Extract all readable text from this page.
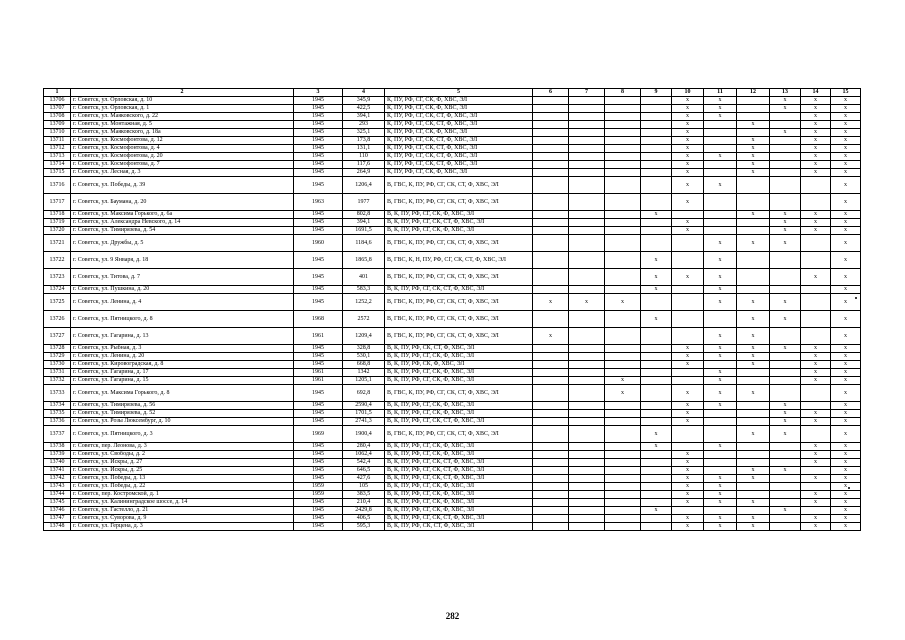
1	2	3	4	5	6	7	8	9	10	11	12	13	14	15
13706	г. Советск, ул. Орловская, д. 10	1945	345,9	К, ПУ, РФ, СГ, СК, Ф, ХВС, ЭЛ					x	x		x	x	x
13707	г. Советск, ул. Орловская, д. 1	1945	422,5	К, ПУ, РФ, СГ, СК, Ф, ХВС, ЭЛ					x	x		x	x	x
13708	г. Советск, ул. Маяковского, д. 22	1945	394,1	К, ПУ, РФ, СГ, СК, СТ, Ф, ХВС, ЭЛ					x	x			x	x
13709	г. Советск, ул. Монтажная, д. 5	1945	293	К, ПУ, РФ, СГ, СК, СТ, Ф, ХВС, ЭЛ					x		x		x	x
13710	г. Советск, ул. Маяковского, д. 18а	1945	325,1	К, ПУ, РФ, СГ, СК, Ф, ХВС, ЭЛ					x			x	x	x
13711	г. Советск, ул. Космофонтова, д. 12	1945	173,8	К, ПУ, РФ, СГ, СК, СТ, Ф, ХВС, ЭЛ					x		x		x	x
13712	г. Советск, ул. Космофонтова, д. 4	1945	131,1	К, ПУ, РФ, СГ, СК, СТ, Ф, ХВС, ЭЛ					x		x		x	x
13713	г. Советск, ул. Космофонтова, д. 20	1945	110	К, ПУ, РФ, СГ, СК, СТ, Ф, ХВС, ЭЛ					x	x	x		x	x
13714	г. Советск, ул. Космофонтова, д. 7	1945	117,6	К, ПУ, РФ, СГ, СК, СТ, Ф, ХВС, ЭЛ					x		x		x	x
13715	г. Советск, ул. Лесная, д. 3	1945	264,9	К, ПУ, РФ, СГ, СК, Ф, ХВС, ЭЛ					x		x		x	x
13716	г. Советск, ул. Победы, д. 39	1945	1206,4	В, ГВС, К, ПУ, РФ, СГ, СК, СТ, Ф, ХВС, ЭЛ					x	x				x
13717	г. Советск, ул. Баумана, д. 20	1963	1977	В, ГВС, К, ПУ, РФ, СГ, СК, СТ, Ф, ХВС, ЭЛ					x					x
13718	г. Советск, ул. Максима Горького, д. 6а	1945	802,8	В, К, ПУ, РФ, СГ, СК, Ф, ХВС, ЭЛ				x			x	x	x	x
13719	г. Советск, ул. Александра Невского, д. 14	1945	394,1	В, К, ПУ, РФ, СГ, СК, СТ, Ф, ХВС, ЭЛ					x			x	x	x
13720	г. Советск, ул. Тимирязева, д. 54	1945	1691,5	В, К, ПУ, РФ, СГ, СК, Ф, ХВС, ЭЛ					x			x	x	x
13721	г. Советск, ул. Дружбы, д. 5	1960	1184,6	В, ГВС, К, ПУ, РФ, СГ, СК, СТ, Ф, ХВС, ЭЛ						x	x	x		x
13722	г. Советск, ул. 9 Января, д. 18	1945	1865,8	В, ГВС, К, Н, ПУ, РФ, СГ, СК, СТ, Ф, ХВС, ЭЛ				x		x				x
13723	г. Советск, ул. Титова, д. 7	1945	401	В, ГВС, К, ПУ, РФ, СГ, СК, СТ, Ф, ХВС, ЭЛ				x	x	x			x	x
13724	г. Советск, ул. Пушкина, д. 20	1945	583,3	В, К, ПУ, РФ, СГ, СК, СТ, Ф, ХВС, ЭЛ				x		x				x
13725	г. Советск, ул. Ленина, д. 4	1945	1252,2	В, ГВС, К, ПУ, РФ, СГ, СК, СТ, Ф, ХВС, ЭЛ	x	x	x			x	x	x		x
13726	г. Советск, ул. Пятницкого, д. 8	1968	2572	В, ГВС, К, ПУ, РФ, СГ, СК, СТ, Ф, ХВС, ЭЛ				x			x	x		x
13727	г. Советск, ул. Гагарина, д. 13	1961	1209,4	В, ГВС, К, ПУ, РФ, СГ, СК, СТ, Ф, ХВС, ЭЛ	x					x	x			x
13728	г. Советск, ул. Рыбная, д. 3	1945	328,8	В, К, ПУ, РФ, СК, СТ, Ф, ХВС, ЭЛ					x	x	x	x	x	x
13729	г. Советск, ул. Ленина, д. 20	1945	530,1	В, К, ПУ, РФ, СГ, СК, Ф, ХВС, ЭЛ					x	x	x		x	x
13730	г. Советск, ул. Кировоградская, д. 8	1945	668,8	В, К, ПУ, РФ, СК, Ф, ХВС, ЭЛ					x		x		x	x
13731	г. Советск, ул. Гагарина, д. 17	1961	1342	В, К, ПУ, РФ, СГ, СК, Ф, ХВС, ЭЛ						x			x	x
13732	г. Советск, ул. Гагарина, д. 15	1961	1205,1	В, К, ПУ, РФ, СГ, СК, Ф, ХВС, ЭЛ			x			x			x	x
13733	г. Советск, ул. Максима Горького, д. 8	1945	692,8	В, ГВС, К, ПУ, РФ, СГ, СК, СТ, Ф, ХВС, ЭЛ			x		x	x	x			x
13734	г. Советск, ул. Тимирязева, д. 56	1945	2590,4	В, К, ПУ, РФ, СГ, СК, Ф, ХВС, ЭЛ					x	x		x		x
13735	г. Советск, ул. Тимирязева, д. 52	1945	1701,5	В, К, ПУ, РФ, СГ, СК, Ф, ХВС, ЭЛ					x			x	x	x
13736	г. Советск, ул. Розы Люксембург, д. 10	1945	2741,3	В, К, ПУ, РФ, СГ, СК, СТ, Ф, ХВС, ЭЛ					x			x	x	x
13737	г. Советск, ул. Пятницкого, д. 3	1969	1900,4	В, ГВС, К, ПУ, РФ, СГ, СК, СТ, Ф, ХВС, ЭЛ				x			x	x		x
13738	г. Советск, пер. Леонова, д. 3	1945	280,4	В, К, ПУ, РФ, СГ, СК, Ф, ХВС, ЭЛ				x		x			x	x
13739	г. Советск, ул. Свободы, д. 2	1945	1062,4	В, К, ПУ, РФ, СГ, СК, Ф, ХВС, ЭЛ					x				x	x
13740	г. Советск, ул. Искры, д. 27	1945	542,4	В, К, ПУ, РФ, СГ, СК, СТ, Ф, ХВС, ЭЛ					x				x	x
13741	г. Советск, ул. Искры, д. 25	1945	646,5	В, К, ПУ, РФ, СГ, СК, СТ, Ф, ХВС, ЭЛ					x		x	x		x
13742	г. Советск, ул. Победы, д. 13	1945	427,6	В, К, ПУ, РФ, СГ, СК, СТ, Ф, ХВС, ЭЛ					x	x	x		x	x
13743	г. Советск, ул. Победы, д. 22	1959	105	В, К, ПУ, РФ, СГ, СК, Ф, ХВС, ЭЛ					x	x				x
13744	г. Советск, пер. Костромской, д. 1	1959	383,5	В, К, ПУ, РФ, СГ, СК, Ф, ХВС, ЭЛ					x	x			x	x
13745	г. Советск, ул. Калининградское шоссе, д. 14	1945	210,4	В, К, ПУ, РФ, СГ, СК, Ф, ХВС, ЭЛ					x	x	x		x	x
13746	г. Советск, ул. Гастелло, д. 21	1945	2429,8	В, К, ПУ, РФ, СГ, СК, Ф, ХВС, ЭЛ				x				x		x
13747	г. Советск, ул. Суворова, д. 9	1945	406,5	В, К, ПУ, РФ, СГ, СК, СТ, Ф, ХВС, ЭЛ					x	x	x		x	x
13748	г. Советск, ул. Герцена, д. 3	1945	595,3	В, К, ПУ, РФ, СК, СТ, Ф, ХВС, ЭЛ					x	x	x		x	x
282
